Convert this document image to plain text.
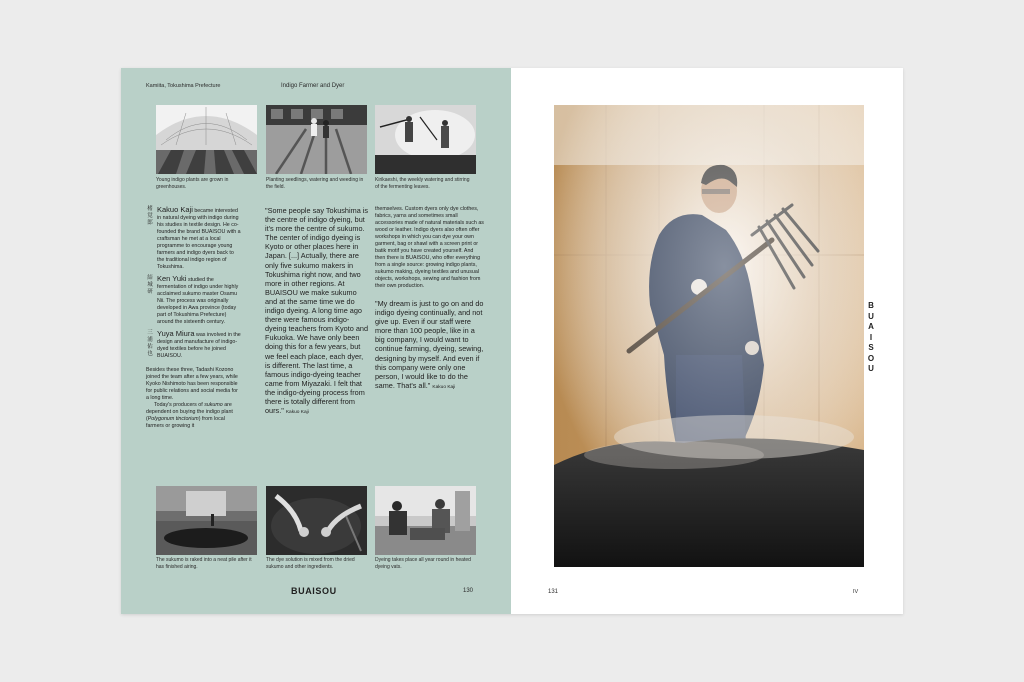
Kamiita, Tokushima Prefecture	Indigo Farmer and Dyer
Young indigo plants are grown in greenhouses.
Planting seedlings, watering and weeding in the field.
Kirikaeshi, the weekly watering and stirring of the fermenting leaves.
楮
覚
郎
Kakuo Kaji became interested in natural dyeing with indigo during his studies in textile design. He co-founded the brand BUAISOU with a craftsman he met at a local programme to encourage young farmers and indigo dyers back to the traditional indigo region of Tokushima.
結
城
研
Ken Yuki studied the fermentation of indigo under highly acclaimed sukumo master Osamu Nii. The process was originally developed in Awa province (today part of Tokushima Prefecture) around the sixteenth century.
三
浦
佑
也
Yuya Miura was involved in the design and manufacture of indigo-dyed textiles before he joined BUAISOU.

Besides these three, Tadashi Kozono joined the team after a few years, while Kyoko Nishimoto has been responsible for public relations and social media for a long time.

Today's producers of sukumo are dependent on buying the indigo plant (Polygonum tinctorium) from local farmers or growing it

"Some people say Tokushima is the centre of indigo dyeing, but it's more the centre of sukumo. The center of indigo dyeing is Kyoto or other places here in Japan. [...] Actually, there are only five sukumo makers in Tokushima right now, and two more in other regions. At BUAISOU we make sukumo and at the same time we do indigo dyeing. A long time ago there were famous indigo-dyeing teachers from Kyoto and Fukuoka. We have only been doing this for a few years, but we feel each place, each dyer, is different. The last time, a famous indigo-dyeing teacher came from Miyazaki. I felt that the indigo-dyeing process from there is totally different from ours." Kakuo Kaji

themselves. Custom dyers only dye clothes, fabrics, yarns and sometimes small accessories made of natural materials such as wood or leather. Indigo dyers also often offer workshops in which you can dye your own garment, bag or shawl with a screen print or batik motif you have created yourself. And then there is BUAISOU, who offer everything from a single source: growing indigo plants, sukumo making, dyeing textiles and unusual objects, workshops, sewing and fashion from their own production.

"My dream is just to go on and do indigo dyeing continually, and not give up. Even if our staff were more than 100 people, like in a big company, I would want to continue farming, dyeing, sewing, designing by myself. And even if this company were only one person, I would like to do the same. That's all." Kakuo Kaji

The sukumo is raked into a neat pile after it has finished airing.
The dye solution is mixed from the dried sukumo and other ingredients.
Dyeing takes place all year round in heated dyeing vats.
BUAISOU	130
B
U
A
I
S
O
U
131	IV
